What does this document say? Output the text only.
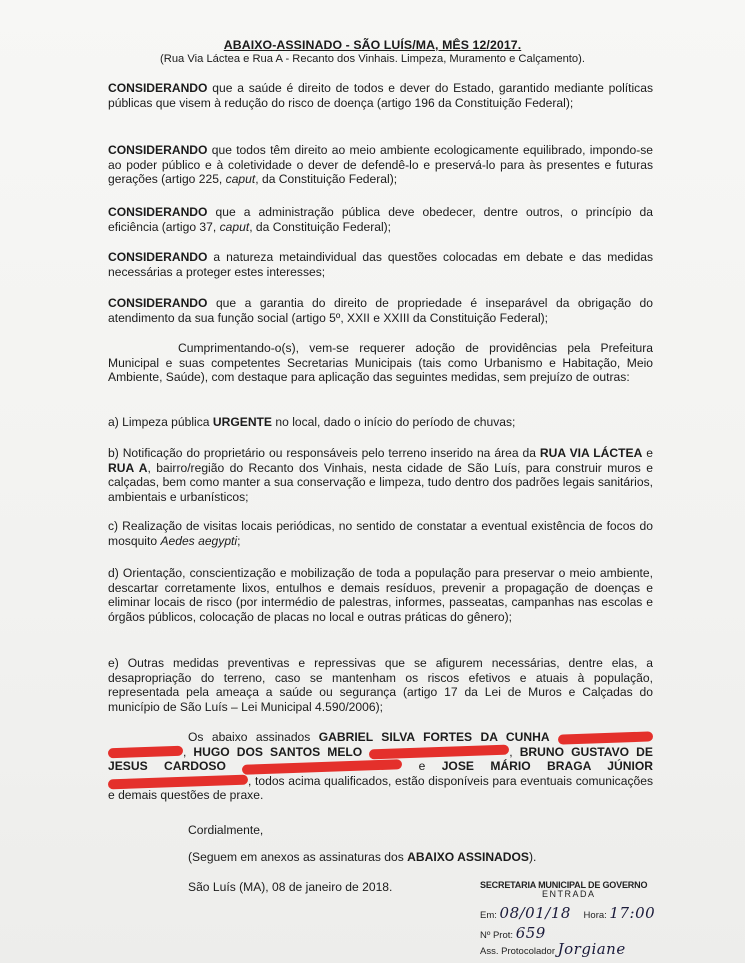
ABAIXO-ASSINADO - SÃO LUÍS/MA, MÊS 12/2017.
(Rua Via Láctea e Rua A - Recanto dos Vinhais. Limpeza, Muramento e Calçamento).

CONSIDERANDO que a saúde é direito de todos e dever do Estado, garantido mediante políticas públicas que visem à redução do risco de doença (artigo 196 da Constituição Federal);

CONSIDERANDO que todos têm direito ao meio ambiente ecologicamente equilibrado, impondo-se ao poder público e à coletividade o dever de defendê-lo e preservá-lo para às presentes e futuras gerações (artigo 225, caput, da Constituição Federal);

CONSIDERANDO que a administração pública deve obedecer, dentre outros, o princípio da eficiência (artigo 37, caput, da Constituição Federal);

CONSIDERANDO a natureza metaindividual das questões colocadas em debate e das medidas necessárias a proteger estes interesses;

CONSIDERANDO que a garantia do direito de propriedade é inseparável da obrigação do atendimento da sua função social (artigo 5º, XXII e XXIII da Constituição Federal);

Cumprimentando-o(s), vem-se requerer adoção de providências pela Prefeitura Municipal e suas competentes Secretarias Municipais (tais como Urbanismo e Habitação, Meio Ambiente, Saúde), com destaque para aplicação das seguintes medidas, sem prejuízo de outras:

a) Limpeza pública URGENTE no local, dado o início do período de chuvas;

b) Notificação do proprietário ou responsáveis pelo terreno inserido na área da RUA VIA LÁCTEA e RUA A, bairro/região do Recanto dos Vinhais, nesta cidade de São Luís, para construir muros e calçadas, bem como manter a sua conservação e limpeza, tudo dentro dos padrões legais sanitários, ambientais e urbanísticos;

c) Realização de visitas locais periódicas, no sentido de constatar a eventual existência de focos do mosquito Aedes aegypti;

d) Orientação, conscientização e mobilização de toda a população para preservar o meio ambiente, descartar corretamente lixos, entulhos e demais resíduos, prevenir a propagação de doenças e eliminar locais de risco (por intermédio de palestras, informes, passeatas, campanhas nas escolas e órgãos públicos, colocação de placas no local e outras práticas do gênero);

e) Outras medidas preventivas e repressivas que se afigurem necessárias, dentre elas, a desapropriação do terreno, caso se mantenham os riscos efetivos e atuais à população, representada pela ameaça a saúde ou segurança (artigo 17 da Lei de Muros e Calçadas do município de São Luís – Lei Municipal 4.590/2006);

Os abaixo assinados GABRIEL SILVA FORTES DA CUNHA  , HUGO DOS SANTOS MELO	, BRUNO GUSTAVO DE JESUS CARDOSO	e JOSE MÁRIO BRAGA JÚNIOR , todos acima qualificados, estão disponíveis para eventuais comunicações e demais questões de praxe.

Cordialmente,

(Seguem em anexos as assinaturas dos ABAIXO ASSINADOS).

São Luís (MA), 08 de janeiro de 2018.	SECRETARIA MUNICIPAL DE GOVERNO
ENTRADA
Em: 08/01/18 Hora: 17:00
Nº Prot: 659
Ass. Protocolador Jorgiane
